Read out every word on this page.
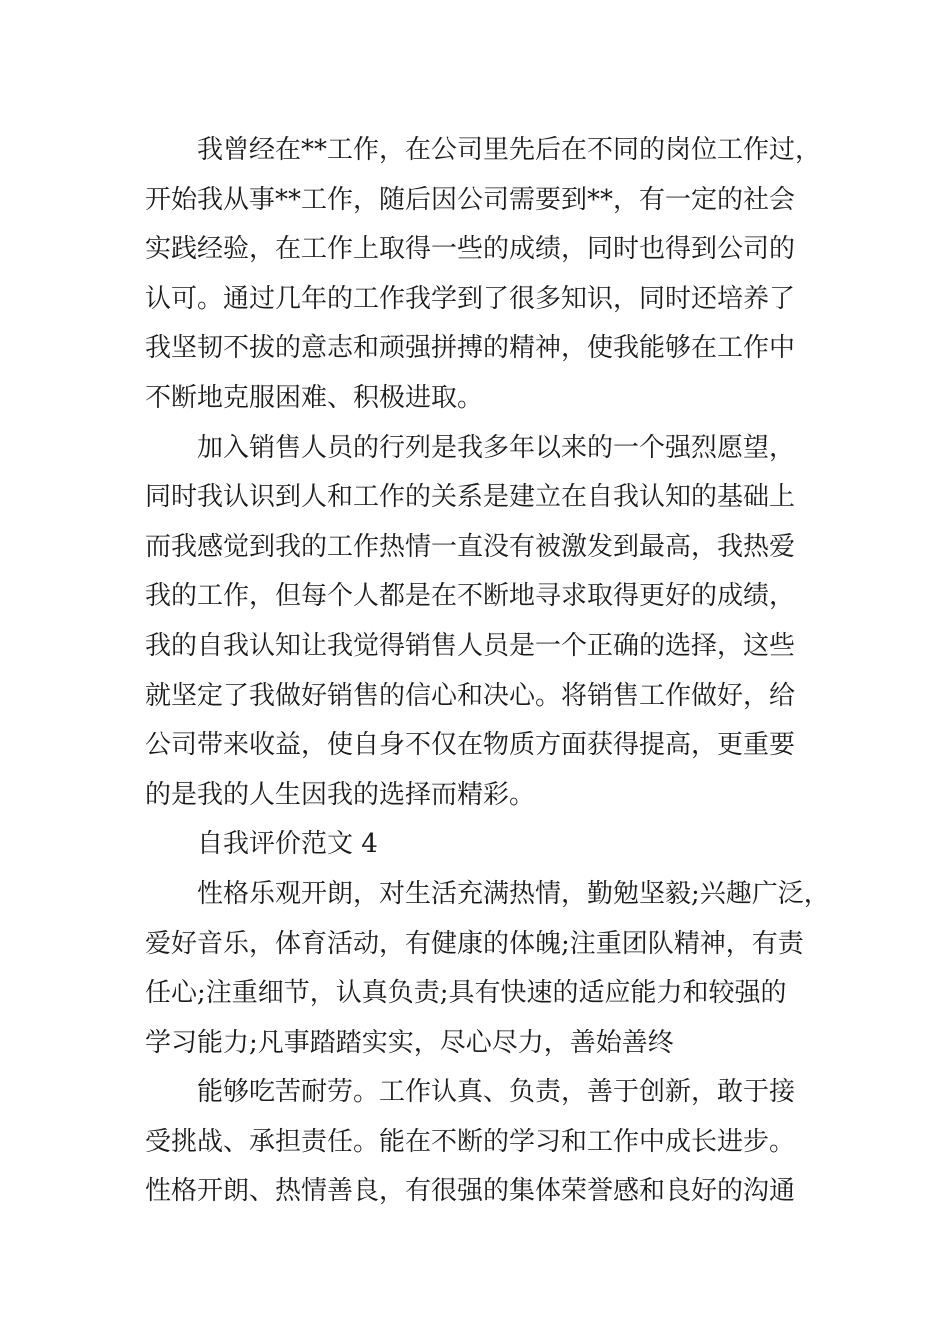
我曾经在**工作，在公司里先后在不同的岗位工作过，
开始我从事**工作，随后因公司需要到**，有一定的社会
实践经验，在工作上取得一些的成绩，同时也得到公司的
认可。通过几年的工作我学到了很多知识，同时还培养了
我坚韧不拔的意志和顽强拼搏的精神，使我能够在工作中
不断地克服困难、积极进取。
加入销售人员的行列是我多年以来的一个强烈愿望，
同时我认识到人和工作的关系是建立在自我认知的基础上
而我感觉到我的工作热情一直没有被激发到最高，我热爱
我的工作，但每个人都是在不断地寻求取得更好的成绩，
我的自我认知让我觉得销售人员是一个正确的选择，这些
就坚定了我做好销售的信心和决心。将销售工作做好，给
公司带来收益，使自身不仅在物质方面获得提高，更重要
的是我的人生因我的选择而精彩。
自我评价范文 4
性格乐观开朗，对生活充满热情，勤勉坚毅;兴趣广泛，
爱好音乐，体育活动，有健康的体魄;注重团队精神，有责
任心;注重细节，认真负责;具有快速的适应能力和较强的
学习能力;凡事踏踏实实，尽心尽力，善始善终
能够吃苦耐劳。工作认真、负责，善于创新，敢于接
受挑战、承担责任。能在不断的学习和工作中成长进步。
性格开朗、热情善良，有很强的集体荣誉感和良好的沟通
